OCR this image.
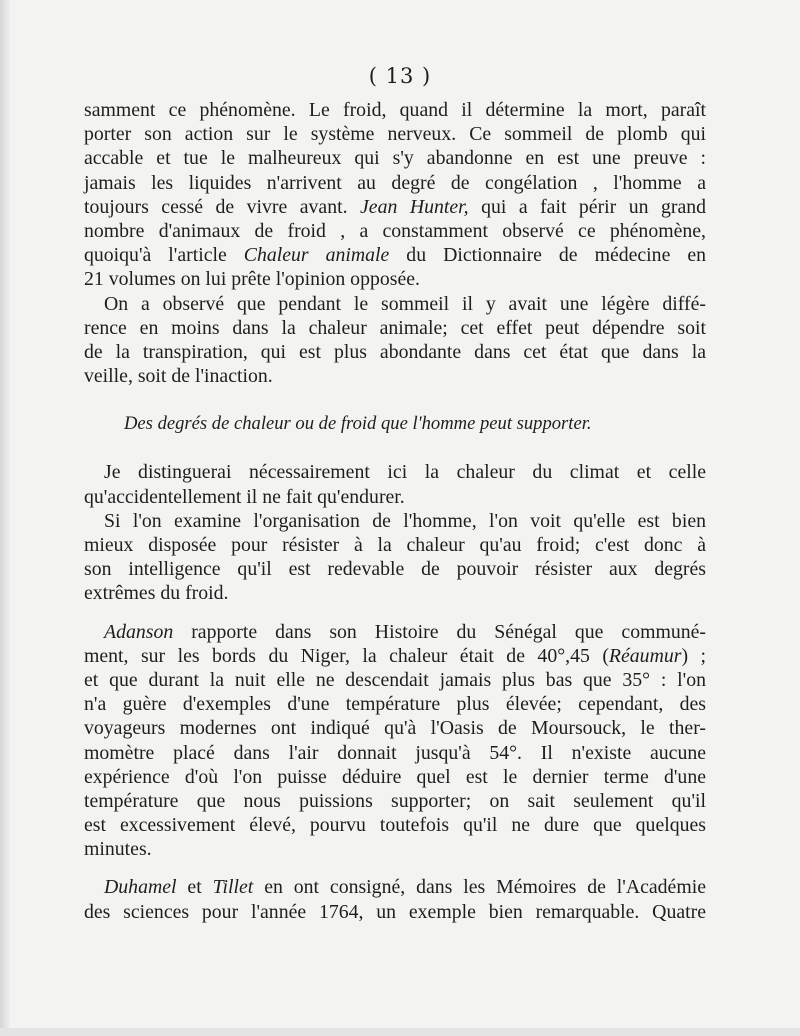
( 13 )
samment ce phénomène. Le froid, quand il détermine la mort, paraît
porter son action sur le système nerveux. Ce sommeil de plomb qui
accable et tue le malheureux qui s'y abandonne en est une preuve :
jamais les liquides n'arrivent au degré de congélation , l'homme a
toujours cessé de vivre avant. Jean Hunter, qui a fait périr un grand
nombre d'animaux de froid , a constamment observé ce phénomène,
quoiqu'à l'article Chaleur animale du Dictionnaire de médecine en
21 volumes on lui prête l'opinion opposée.
On a observé que pendant le sommeil il y avait une légère diffé-
rence en moins dans la chaleur animale; cet effet peut dépendre soit
de la transpiration, qui est plus abondante dans cet état que dans la
veille, soit de l'inaction.
Des degrés de chaleur ou de froid que l'homme peut supporter.
Je distinguerai nécessairement ici la chaleur du climat et celle
qu'accidentellement il ne fait qu'endurer.
Si l'on examine l'organisation de l'homme, l'on voit qu'elle est bien
mieux disposée pour résister à la chaleur qu'au froid; c'est donc à
son intelligence qu'il est redevable de pouvoir résister aux degrés
extrêmes du froid.
Adanson rapporte dans son Histoire du Sénégal que communé-
ment, sur les bords du Niger, la chaleur était de 40°,45 (Réaumur) ;
et que durant la nuit elle ne descendait jamais plus bas que 35° : l'on
n'a guère d'exemples d'une température plus élevée; cependant, des
voyageurs modernes ont indiqué qu'à l'Oasis de Moursouck, le ther-
momètre placé dans l'air donnait jusqu'à 54°. Il n'existe aucune
expérience d'où l'on puisse déduire quel est le dernier terme d'une
température que nous puissions supporter; on sait seulement qu'il
est excessivement élevé, pourvu toutefois qu'il ne dure que quelques
minutes.
Duhamel et Tillet en ont consigné, dans les Mémoires de l'Académie
des sciences pour l'année 1764, un exemple bien remarquable. Quatre
